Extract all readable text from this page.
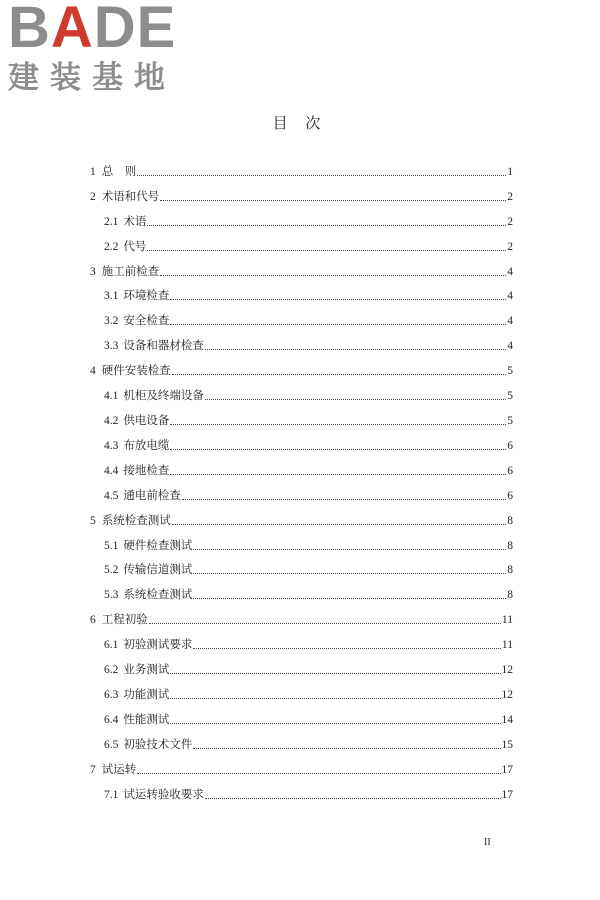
BADE
建装基地
目 次
1 总　则	1
2 术语和代号	2
2.1 术语	2
2.2 代号	2
3 施工前检查	4
3.1 环境检查	4
3.2 安全检查	4
3.3 设备和器材检查	4
4 硬件安装检查	5
4.1 机柜及终端设备	5
4.2 供电设备	5
4.3 布放电缆	6
4.4 接地检查	6
4.5 通电前检查	6
5 系统检查测试	8
5.1 硬件检查测试	8
5.2 传输信道测试	8
5.3 系统检查测试	8
6 工程初验	11
6.1 初验测试要求	11
6.2 业务测试	12
6.3 功能测试	12
6.4 性能测试	14
6.5 初验技术文件	15
7 试运转	17
7.1 试运转验收要求	17
II
